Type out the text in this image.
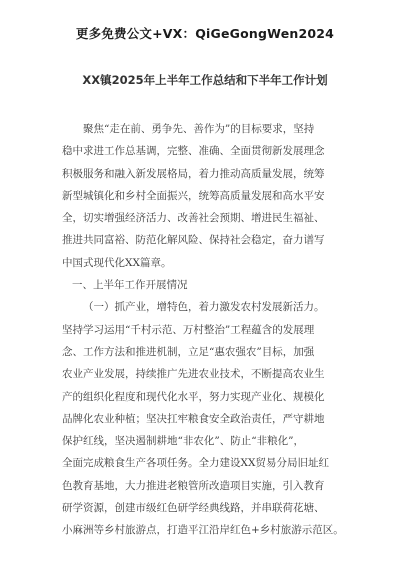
更多免费公文+VX：QiGeGongWen2024
XX镇2025年上半年工作总结和下半年工作计划
聚焦“走在前、勇争先、善作为”的目标要求，坚持
稳中求进工作总基调，完整、准确、全面贯彻新发展理念
积极服务和融入新发展格局，着力推动高质量发展，统筹
新型城镇化和乡村全面振兴，统筹高质量发展和高水平安
全，切实增强经济活力、改善社会预期、增进民生福祉、
推进共同富裕、防范化解风险、保持社会稳定，奋力谱写
中国式现代化XX篇章。
一、上半年工作开展情况
（一）抓产业，增特色，着力激发农村发展新活力。
坚持学习运用“千村示范、万村整治”工程蕴含的发展理
念、工作方法和推进机制，立足“惠农强农”目标，加强
农业产业发展，持续推广先进农业技术，不断提高农业生
产的组织化程度和现代化水平，努力实现产业化、规模化
品牌化农业种植；坚决扛牢粮食安全政治责任，严守耕地
保护红线，坚决遏制耕地“非农化”、防止“非粮化”，
全面完成粮食生产各项任务。全力建设XX贸易分局旧址红
色教育基地，大力推进老粮管所改造项目实施，引入教育
研学资源，创建市级红色研学经典线路，并串联荷花塘、
小麻洲等乡村旅游点，打造平江沿岸红色+乡村旅游示范区。
